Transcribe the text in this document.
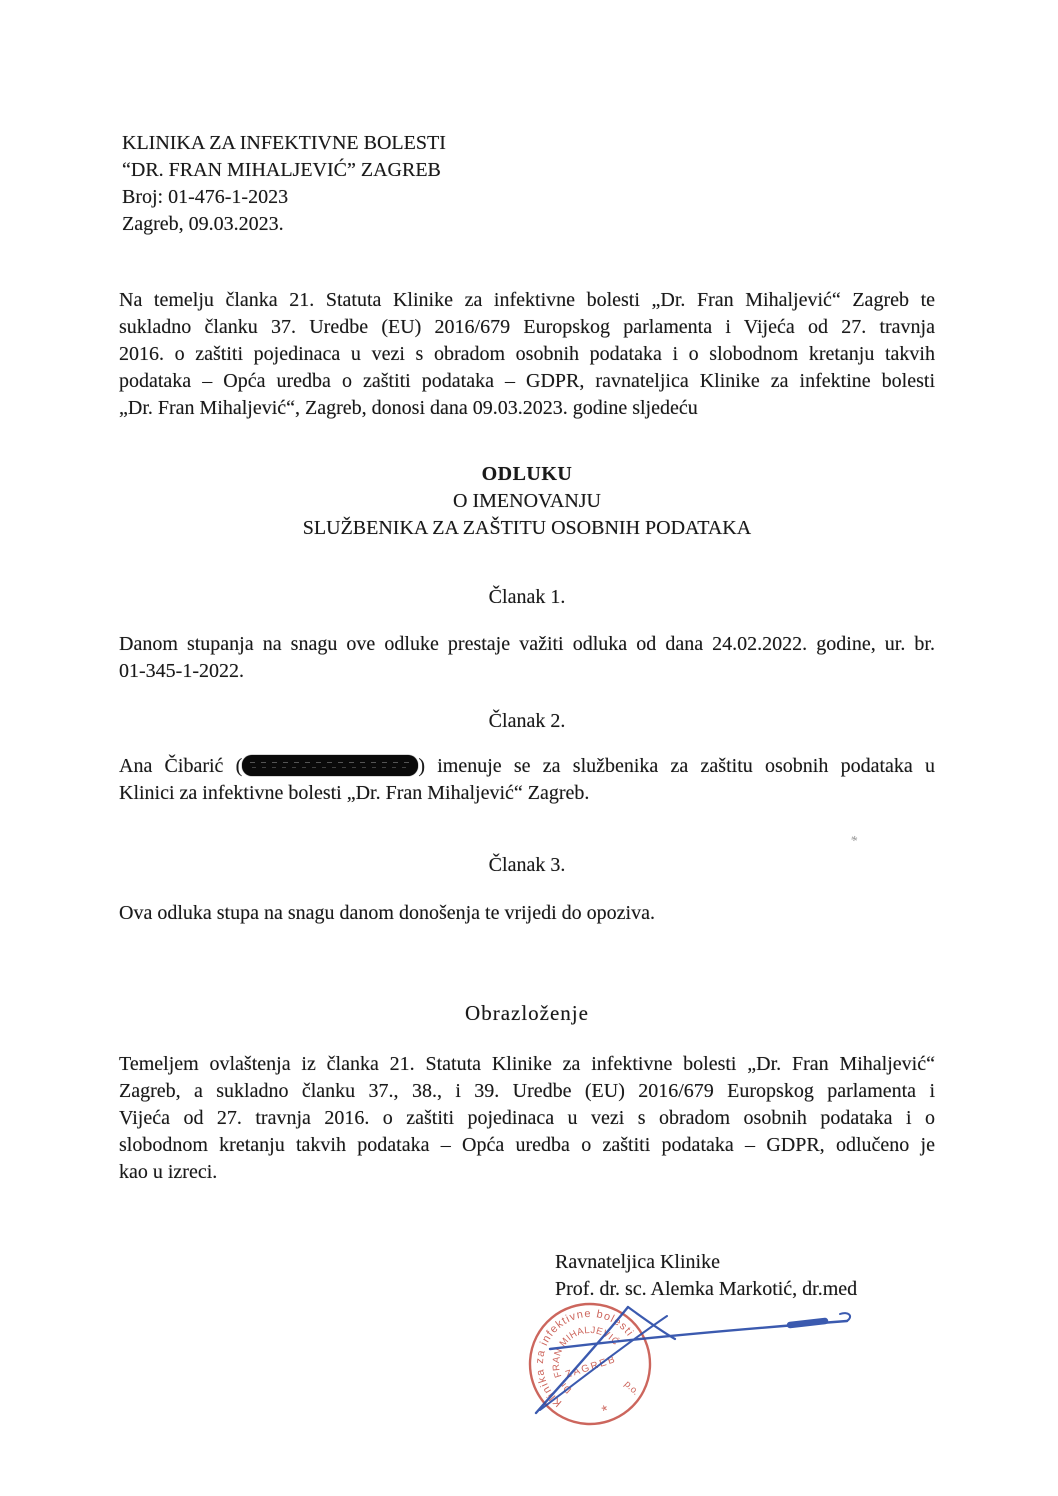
KLINIKA ZA INFEKTIVNE BOLESTI
“DR. FRAN MIHALJEVIĆ” ZAGREB
Broj: 01-476-1-2023
Zagreb, 09.03.2023.
Na temelju članka 21. Statuta Klinike za infektivne bolesti „Dr. Fran Mihaljević“ Zagreb te
sukladno članku 37. Uredbe (EU) 2016/679 Europskog parlamenta i Vijeća od 27. travnja
2016. o zaštiti pojedinaca u vezi s obradom osobnih podataka i o slobodnom kretanju takvih
podataka – Opća uredba o zaštiti podataka – GDPR, ravnateljica Klinike za infektine bolesti
„Dr. Fran Mihaljević“, Zagreb, donosi dana 09.03.2023. godine sljedeću
ODLUKU
O IMENOVANJU
SLUŽBENIKA ZA ZAŠTITU OSOBNIH PODATAKA
Članak 1.
Danom stupanja na snagu ove odluke prestaje važiti odluka od dana 24.02.2022. godine, ur. br.
01-345-1-2022.
Članak 2.
Ana Čibarić (	) imenuje se za službenika za zaštitu osobnih podataka u
Klinici za infektivne bolesti „Dr. Fran Mihaljević“ Zagreb.
Članak 3.
Ova odluka stupa na snagu danom donošenja te vrijedi do opoziva.
*
Obrazloženje
Temeljem ovlaštenja iz članka 21. Statuta Klinike za infektivne bolesti „Dr. Fran Mihaljević“
Zagreb, a sukladno članku 37., 38., i 39. Uredbe (EU) 2016/679 Europskog parlamenta i
Vijeća od 27. travnja 2016. o zaštiti pojedinaca u vezi s obradom osobnih podataka i o
slobodnom kretanju takvih podataka – Opća uredba o zaštiti podataka – GDPR, odlučeno je
kao u izreci.
Ravnateljica Klinike
Prof. dr. sc. Alemka Markotić, dr.med
Klinika za infektivne bolesti
Dr. FRAN MIHALJEVIĆ
ZAGREB
p.o.
*
